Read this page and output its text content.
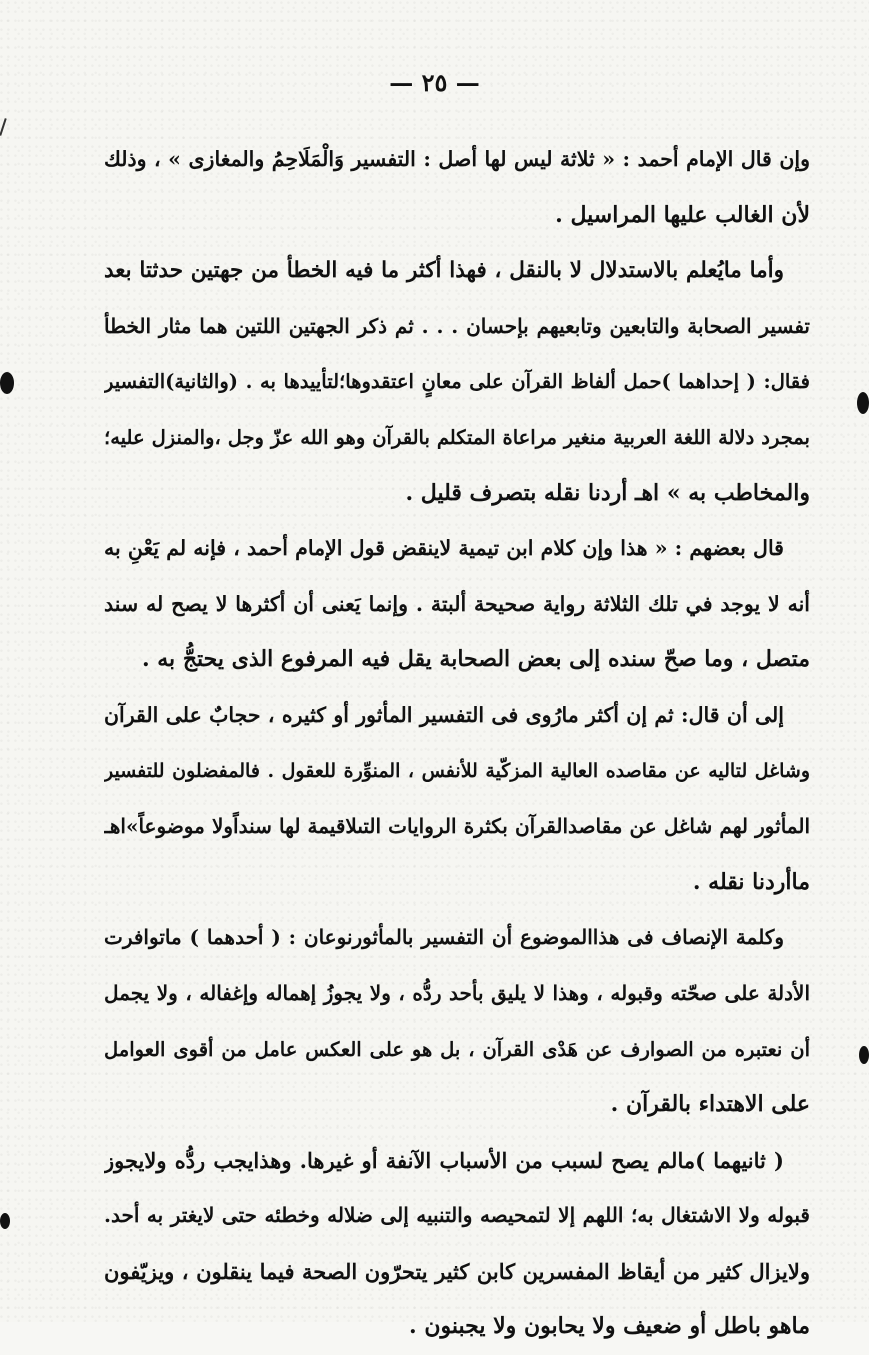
— ٢٥ —
وإن قال الإمام أحمد : « ثلاثة ليس لها أصل : التفسير وَالْمَلَاحِمُ والمغازى » ، وذلك
لأن الغالب عليها المراسيل .
وأما مايُعلم بالاستدلال لا بالنقل ، فهذا أكثر ما فيه الخطأ من جهتين حدثتا بعد
تفسير الصحابة والتابعين وتابعيهم بإحسان . . . ثم ذكر الجهتين اللتين هما مثار الخطأ
فقال: ( إحداهما )حمل ألفاظ القرآن على معانٍ اعتقدوها؛لتأييدها به . (والثانية)التفسير
بمجرد دلالة اللغة العربية منغير مراعاة المتكلم بالقرآن وهو الله عزّ وجل ،والمنزل عليه؛
والمخاطب به » اهـ أردنا نقله بتصرف قليل .
قال بعضهم : « هذا وإن كلام ابن تيمية لاينقض قول الإمام أحمد ، فإنه لم يَعْنِ به
أنه لا يوجد في تلك الثلاثة رواية صحيحة ألبتة . وإنما يَعنى أن أكثرها لا يصح له سند
متصل ، وما صحّ سنده إلى بعض الصحابة يقل فيه المرفوع الذى يحتجُّ به .
إلى أن قال: ثم إن أكثر مارُوى فى التفسير المأثور أو كثيره ، حجابٌ على القرآن
وشاغل لتاليه عن مقاصده العالية المزكّية للأنفس ، المنوِّرة للعقول . فالمفضلون للتفسير
المأثور لهم شاغل عن مقاصدالقرآن بكثرة الروايات التىلاقيمة لها سنداًولا موضوعاً»اهـ
ماأردنا نقله .
وكلمة الإنصاف فى هذاالموضوع أن التفسير بالمأثورنوعان : ( أحدهما ) ماتوافرت
الأدلة على صحّته وقبوله ، وهذا لا يليق بأحد ردُّه ، ولا يجوزُ إهماله وإغفاله ، ولا يجمل
أن نعتبره من الصوارف عن هَدْى القرآن ، بل هو على العكس عامل من أقوى العوامل
على الاهتداء بالقرآن .
( ثانيهما )مالم يصح لسبب من الأسباب الآنفة أو غيرها. وهذايجب ردُّه ولايجوز
قبوله ولا الاشتغال به؛ اللهم إلا لتمحيصه والتنبيه إلى ضلاله وخطئه حتى لايغتر به أحد.
ولايزال كثير من أيقاظ المفسرين كابن كثير يتحرّون الصحة فيما ينقلون ، ويزيّفون
ماهو باطل أو ضعيف ولا يحابون ولا يجبنون .
